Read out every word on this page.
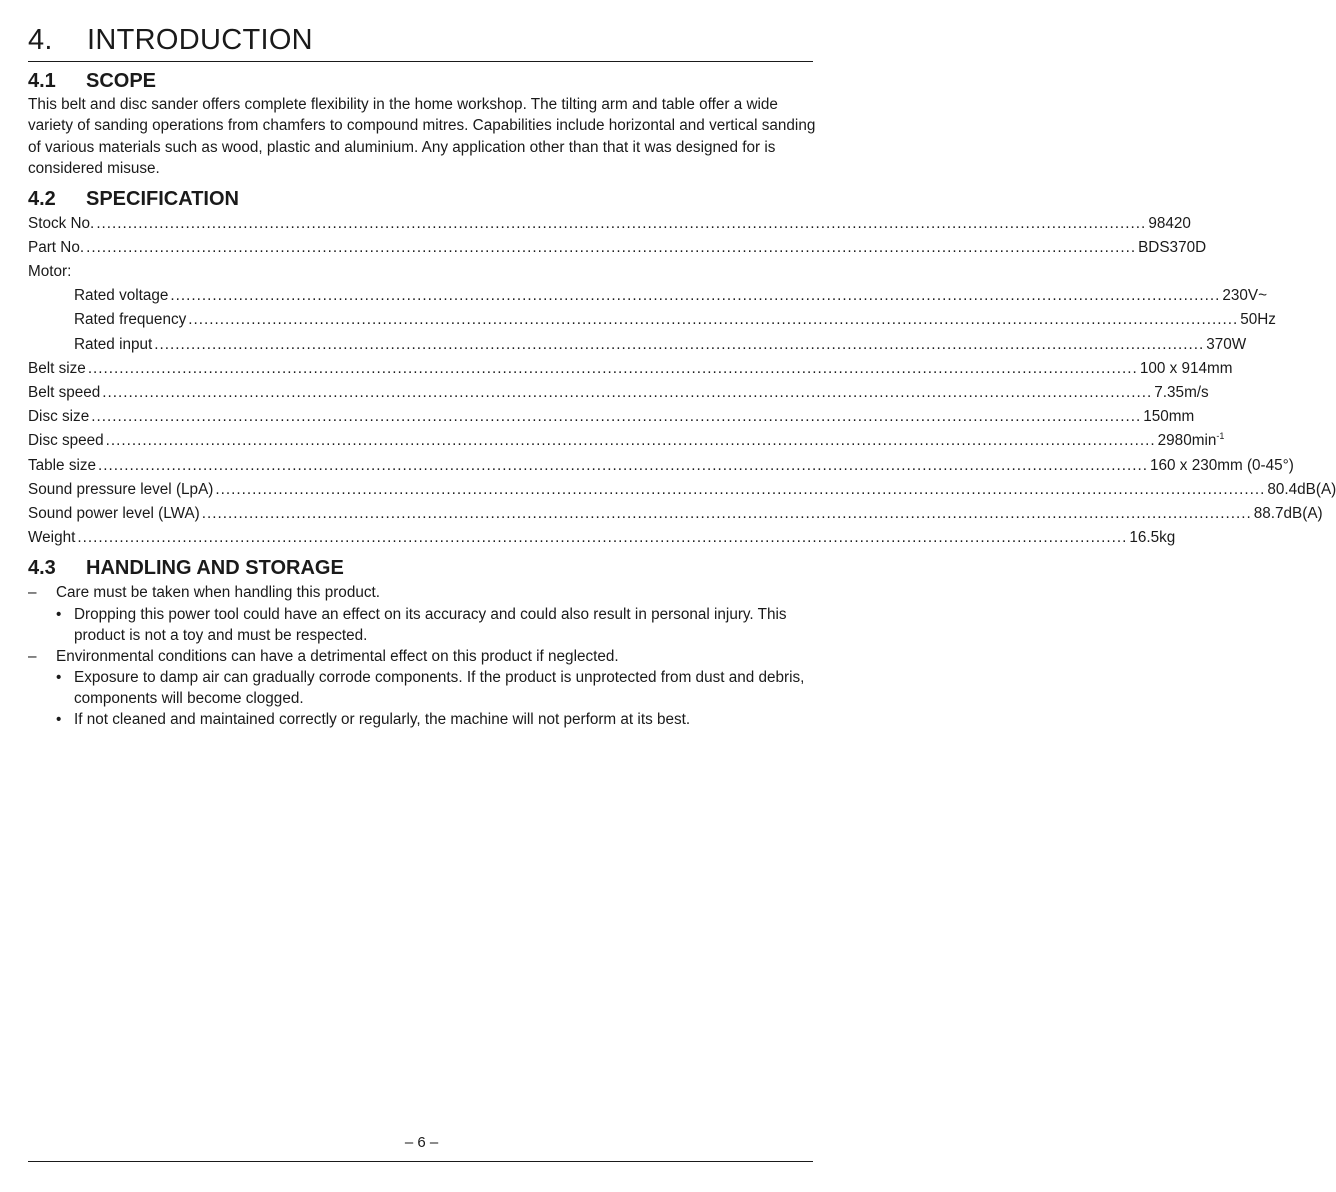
4.	INTRODUCTION
4.1	SCOPE

This belt and disc sander offers complete flexibility in the home workshop. The tilting arm and table offer a wide variety of sanding operations from chamfers to compound mitres. Capabilities include horizontal and vertical sanding of various materials such as wood, plastic and aluminium. Any application other than that it was designed for is considered misuse.

4.2	SPECIFICATION
Stock No. ........................................................................................................................................................................................................ 98420
Part No. ........................................................................................................................................................................................................ BDS370D
Motor:
Rated voltage ........................................................................................................................................................................................................ 230V~
Rated frequency ........................................................................................................................................................................................................ 50Hz
Rated input ........................................................................................................................................................................................................ 370W
Belt size ........................................................................................................................................................................................................ 100 x 914mm
Belt speed ........................................................................................................................................................................................................ 7.35m/s
Disc size ........................................................................................................................................................................................................ 150mm
Disc speed ........................................................................................................................................................................................................ $2980\min^{-1}$
Table size ........................................................................................................................................................................................................ 160 x 230mm (0-45°)
Sound pressure level (LpA) ........................................................................................................................................................................................................ 80.4dB(A)
Sound power level (LWA) ........................................................................................................................................................................................................ 88.7dB(A)
Weight ........................................................................................................................................................................................................ 16.5kg
4.3	HANDLING AND STORAGE
–	Care must be taken when handling this product.
• Dropping this power tool could have an effect on its accuracy and could also result in personal injury. This product is not a toy and must be respected.
–	Environmental conditions can have a detrimental effect on this product if neglected.
• Exposure to damp air can gradually corrode components. If the product is unprotected from dust and debris, components will become clogged.
• If not cleaned and maintained correctly or regularly, the machine will not perform at its best.
– 6 –
